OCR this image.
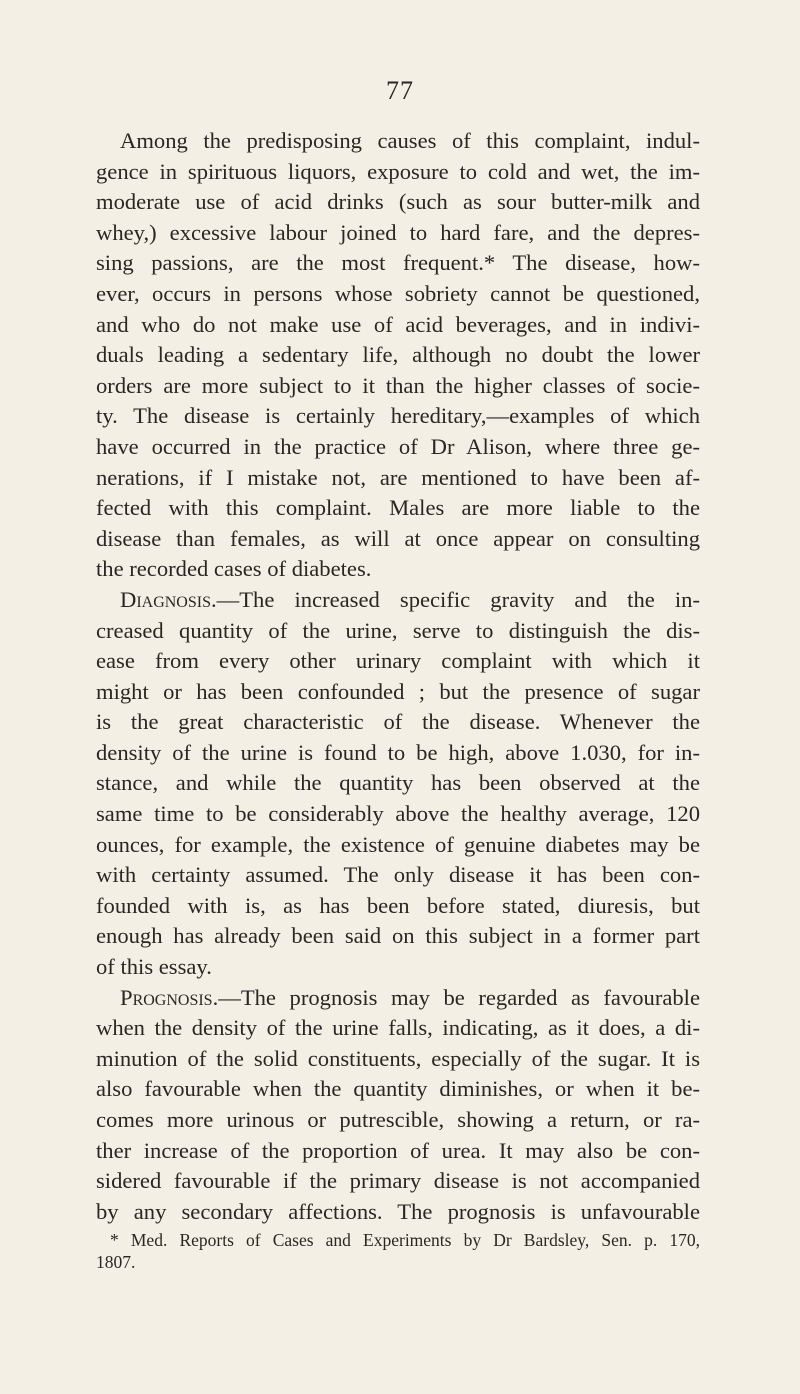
77
Among the predisposing causes of this complaint, indul-
gence in spirituous liquors, exposure to cold and wet, the im-
moderate use of acid drinks (such as sour butter-milk and
whey,) excessive labour joined to hard fare, and the depres-
sing passions, are the most frequent.* The disease, how-
ever, occurs in persons whose sobriety cannot be questioned,
and who do not make use of acid beverages, and in indivi-
duals leading a sedentary life, although no doubt the lower
orders are more subject to it than the higher classes of socie-
ty. The disease is certainly hereditary,—examples of which
have occurred in the practice of Dr Alison, where three ge-
nerations, if I mistake not, are mentioned to have been af-
fected with this complaint. Males are more liable to the
disease than females, as will at once appear on consulting
the recorded cases of diabetes.
Diagnosis.—The increased specific gravity and the in-
creased quantity of the urine, serve to distinguish the dis-
ease from every other urinary complaint with which it
might or has been confounded ; but the presence of sugar
is the great characteristic of the disease. Whenever the
density of the urine is found to be high, above 1.030, for in-
stance, and while the quantity has been observed at the
same time to be considerably above the healthy average, 120
ounces, for example, the existence of genuine diabetes may be
with certainty assumed. The only disease it has been con-
founded with is, as has been before stated, diuresis, but
enough has already been said on this subject in a former part
of this essay.
Prognosis.—The prognosis may be regarded as favourable
when the density of the urine falls, indicating, as it does, a di-
minution of the solid constituents, especially of the sugar. It is
also favourable when the quantity diminishes, or when it be-
comes more urinous or putrescible, showing a return, or ra-
ther increase of the proportion of urea. It may also be con-
sidered favourable if the primary disease is not accompanied
by any secondary affections. The prognosis is unfavourable
* Med. Reports of Cases and Experiments by Dr Bardsley, Sen. p. 170,
1807.
